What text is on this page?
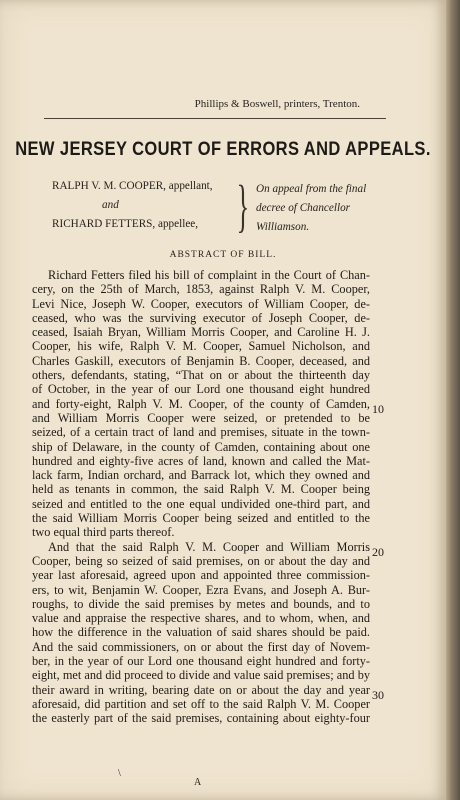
Phillips & Boswell, printers, Trenton.
NEW JERSEY COURT OF ERRORS AND APPEALS.
RALPH V. M. COOPER, appellant,
and
RICHARD FETTERS, appellee, } On appeal from the final decree of Chancellor Williamson.
ABSTRACT OF BILL.
Richard Fetters filed his bill of complaint in the Court of Chan-
cery, on the 25th of March, 1853, against Ralph V. M. Cooper,
Levi Nice, Joseph W. Cooper, executors of William Cooper, de-
ceased, who was the surviving executor of Joseph Cooper, de-
ceased, Isaiah Bryan, William Morris Cooper, and Caroline H. J.
Cooper, his wife, Ralph V. M. Cooper, Samuel Nicholson, and
Charles Gaskill, executors of Benjamin B. Cooper, deceased, and
others, defendants, stating, “That on or about the thirteenth day
of October, in the year of our Lord one thousand eight hundred
and forty-eight, Ralph V. M. Cooper, of the county of Camden,
and William Morris Cooper were seized, or pretended to be
seized, of a certain tract of land and premises, situate in the town-
ship of Delaware, in the county of Camden, containing about one
hundred and eighty-five acres of land, known and called the Mat-
lack farm, Indian orchard, and Barrack lot, which they owned and
held as tenants in common, the said Ralph V. M. Cooper being
seized and entitled to the one equal undivided one-third part, and
the said William Morris Cooper being seized and entitled to the
two equal third parts thereof.
And that the said Ralph V. M. Cooper and William Morris
Cooper, being so seized of said premises, on or about the day and
year last aforesaid, agreed upon and appointed three commission-
ers, to wit, Benjamin W. Cooper, Ezra Evans, and Joseph A. Bur-
roughs, to divide the said premises by metes and bounds, and to
value and appraise the respective shares, and to whom, when, and
how the difference in the valuation of said shares should be paid.
And the said commissioners, on or about the first day of Novem-
ber, in the year of our Lord one thousand eight hundred and forty-
eight, met and did proceed to divide and value said premises; and by
their award in writing, bearing date on or about the day and year
aforesaid, did partition and set off to the said Ralph V. M. Cooper
the easterly part of the said premises, containing about eighty-four
10
20
30
\
A
